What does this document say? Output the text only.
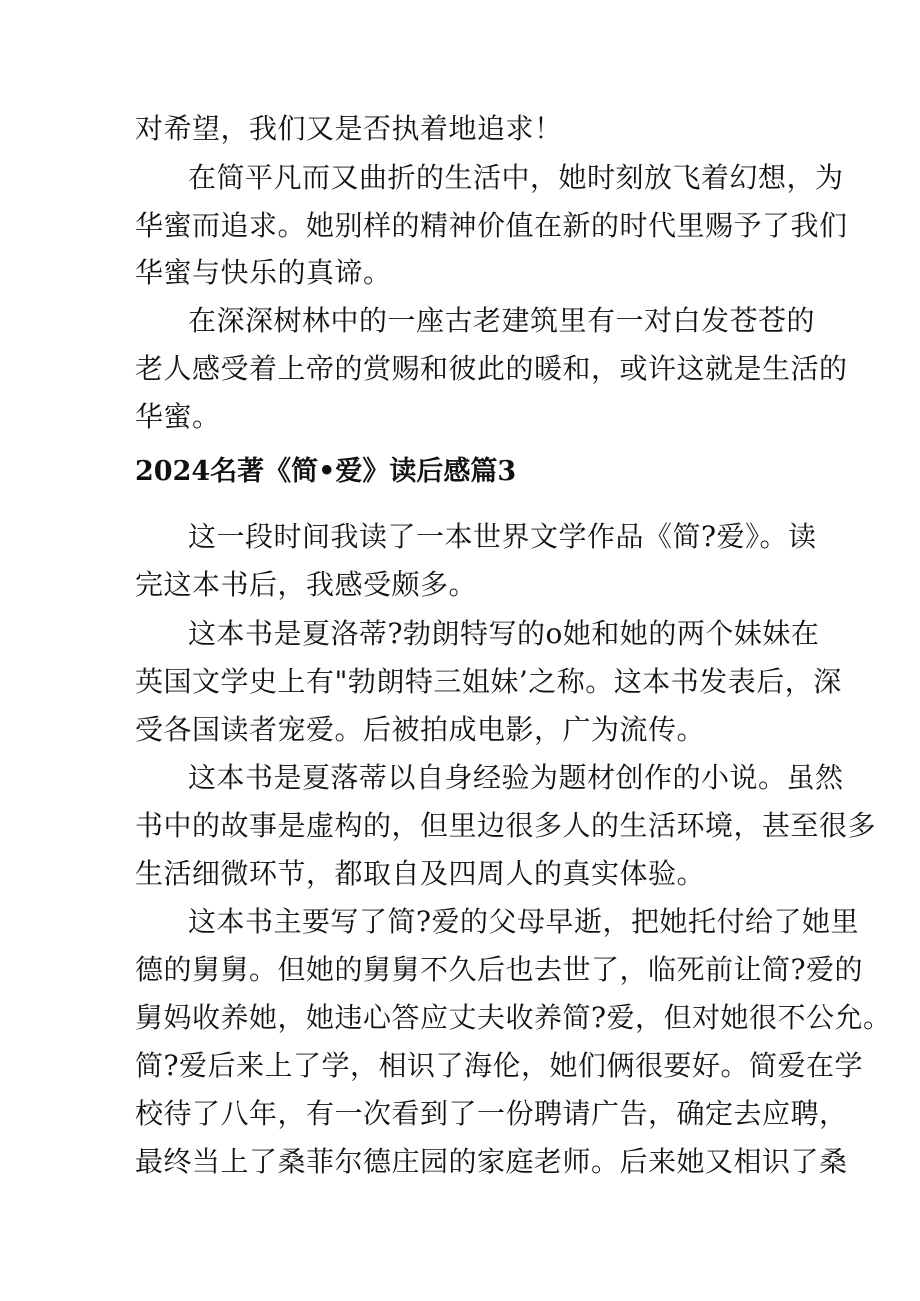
对希望，我们又是否执着地追求！
在简平凡而又曲折的生活中，她时刻放飞着幻想，为
华蜜而追求。她别样的精神价值在新的时代里赐予了我们
华蜜与快乐的真谛。
在深深树林中的一座古老建筑里有一对白发苍苍的
老人感受着上帝的赏赐和彼此的暖和，或许这就是生活的
华蜜。
2024名著《简•爱》读后感篇3
这一段时间我读了一本世界文学作品《简?爱》。读
完这本书后，我感受颇多。
这本书是夏洛蒂?勃朗特写的o她和她的两个妹妹在
英国文学史上有"勃朗特三姐妹’之称。这本书发表后，深
受各国读者宠爱。后被拍成电影，广为流传。
这本书是夏落蒂以自身经验为题材创作的小说。虽然
书中的故事是虚构的，但里边很多人的生活环境，甚至很多
生活细微环节，都取自及四周人的真实体验。
这本书主要写了简?爱的父母早逝，把她托付给了她里
德的舅舅。但她的舅舅不久后也去世了，临死前让简?爱的
舅妈收养她，她违心答应丈夫收养简?爱，但对她很不公允。
简?爱后来上了学，相识了海伦，她们俩很要好。简爱在学
校待了八年，有一次看到了一份聘请广告，确定去应聘，
最终当上了桑菲尔德庄园的家庭老师。后来她又相识了桑
